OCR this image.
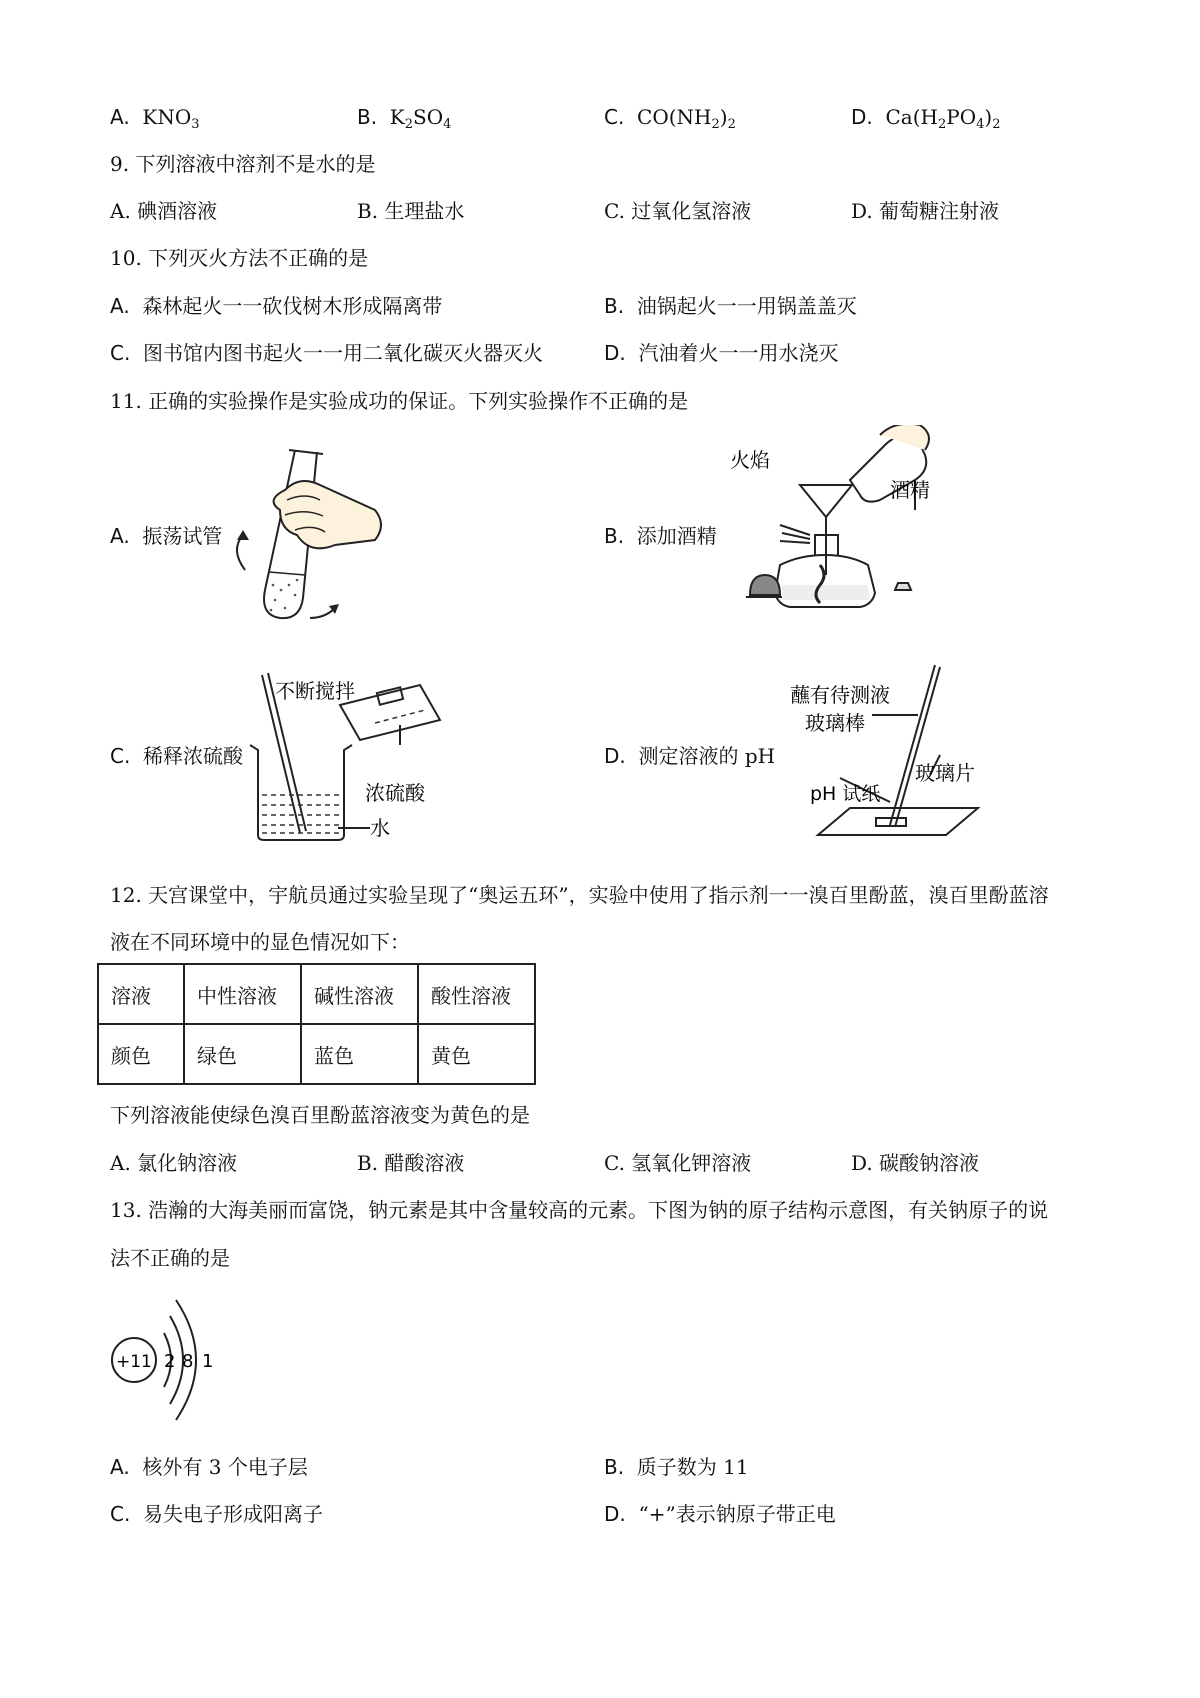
A. $KNO_3$	B. $K_2SO_4$	C. $CO(NH_2)_2$	D. $Ca(H_2PO_4)_2$
9. 下列溶液中溶剂不是水的是
A. 碘酒溶液	B. 生理盐水	C. 过氧化氢溶液	D. 葡萄糖注射液
10. 下列灭火方法不正确的是
A. 森林起火一一砍伐树木形成隔离带	B. 油锅起火一一用锅盖盖灭
C. 图书馆内图书起火一一用二氧化碳灭火器灭火	D. 汽油着火一一用水浇灭
11. 正确的实验操作是实验成功的保证。下列实验操作不正确的是
A. 振荡试管	B. 添加酒精
C. 稀释浓硫酸	D. 测定溶液的 pH
火焰
酒精
不断搅拌
浓硫酸
水
蘸有待测液
玻璃棒
pH 试纸
玻璃片
12. 天宫课堂中，宇航员通过实验呈现了“奥运五环”，实验中使用了指示剂一一溴百里酚蓝，溴百里酚蓝溶
液在不同环境中的显色情况如下：
溶液	中性溶液	碱性溶液	酸性溶液
颜色	绿色	蓝色	黄色
下列溶液能使绿色溴百里酚蓝溶液变为黄色的是
A. 氯化钠溶液	B. 醋酸溶液	C. 氢氧化钾溶液	D. 碳酸钠溶液
13. 浩瀚的大海美丽而富饶，钠元素是其中含量较高的元素。下图为钠的原子结构示意图，有关钠原子的说
法不正确的是
+11 2 8 1
A. 核外有 3 个电子层	B. 质子数为 11
C. 易失电子形成阳离子	D. “+”表示钠原子带正电
